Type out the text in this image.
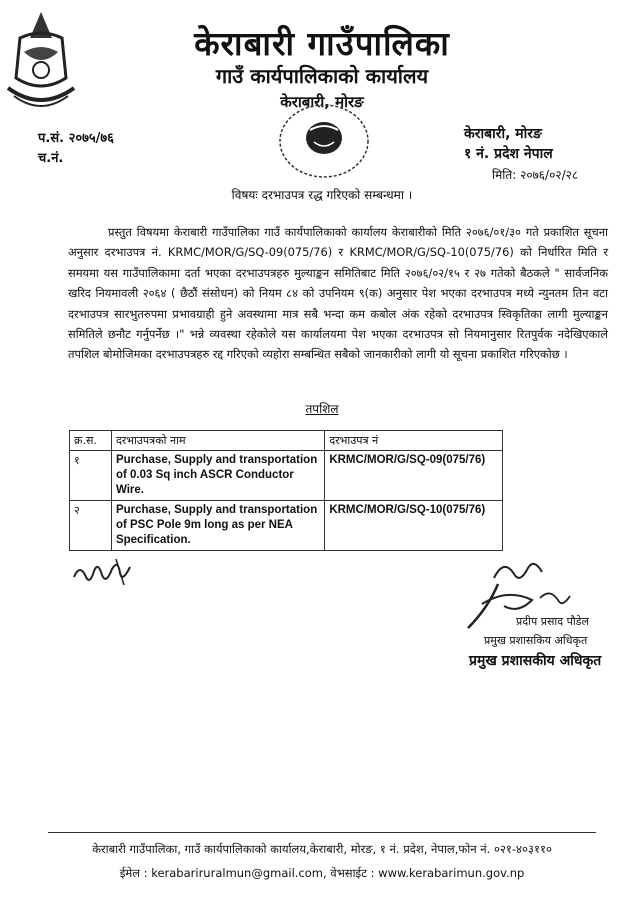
केराबारी गाउँपालिका
गाउँ कार्यपालिकाको कार्यालय
केराबारी, मोरङ
प.सं. २०७५/७६
च.नं.
केराबारी, मोरङ
१ नं. प्रदेश नेपाल
मिति: २०७६/०२/२८
विषयः दरभाउपत्र रद्ध गरिएको सम्बन्धमा ।

प्रस्तुत विषयमा केराबारी गाउँपालिका गाउँ कार्यपालिकाको कार्यालय केराबारीको मिति २०७६/०१/३० गते प्रकाशित सूचना अनुसार दरभाउपत्र नं. KRMC/MOR/G/SQ-09(075/76) र KRMC/MOR/G/SQ-10(075/76) को निर्धारित मिति र समयमा यस गाउँपालिकामा दर्ता भएका दरभाउपत्रहरु मुल्याङ्कन समितिबाट मिति २०७६/०२/१५ र २७ गतेको बैठकले " सार्वजनिक खरिद नियमावली २०६४ ( छैठौं संसोधन) को नियम ८४ को उपनियम ९(क) अनुसार पेश भएका दरभाउपत्र मध्ये न्युनतम तिन वटा दरभाउपत्र सारभुतरुपमा प्रभावग्राही हुने अवस्थामा मात्र सबै भन्दा कम कबोल अंक रहेको दरभाउपत्र स्विकृतिका लागी मुल्याङ्कन समितिले छनौट गर्नुपर्नेछ ।" भन्ने व्यवस्था रहेकोले यस कार्यालयमा पेश भएका दरभाउपत्र सो नियमानुसार रितपुर्वक नदेखिएकाले तपशिल बोमोजिमका दरभाउपत्रहरु रद्द गरिएको व्यहोरा सम्बन्धित सबैको जानकारीको लागी यो सूचना प्रकाशित गरिएकोछ ।

तपशिल
क्र.स.	दरभाउपत्रको नाम	दरभाउपत्र नं
१	Purchase, Supply and transportation of 0.03 Sq inch ASCR Conductor Wire.	KRMC/MOR/G/SQ-09(075/76)
२	Purchase, Supply and transportation of PSC Pole 9m long as per NEA Specification.	KRMC/MOR/G/SQ-10(075/76)
प्रदीप प्रसाद पौडेल
प्रमुख प्रशासकिय अधिकृत
प्रमुख प्रशासकीय अधिकृत
केराबारी गाउँपालिका, गाउँ कार्यपालिकाको कार्यालय,केराबारी, मोरङ, १ नं. प्रदेश, नेपाल,फोन नं. ०२१-४०३११०
ईमेल : kerabariruralmun@gmail.com, वेभसाईट : www.kerabarimun.gov.np
